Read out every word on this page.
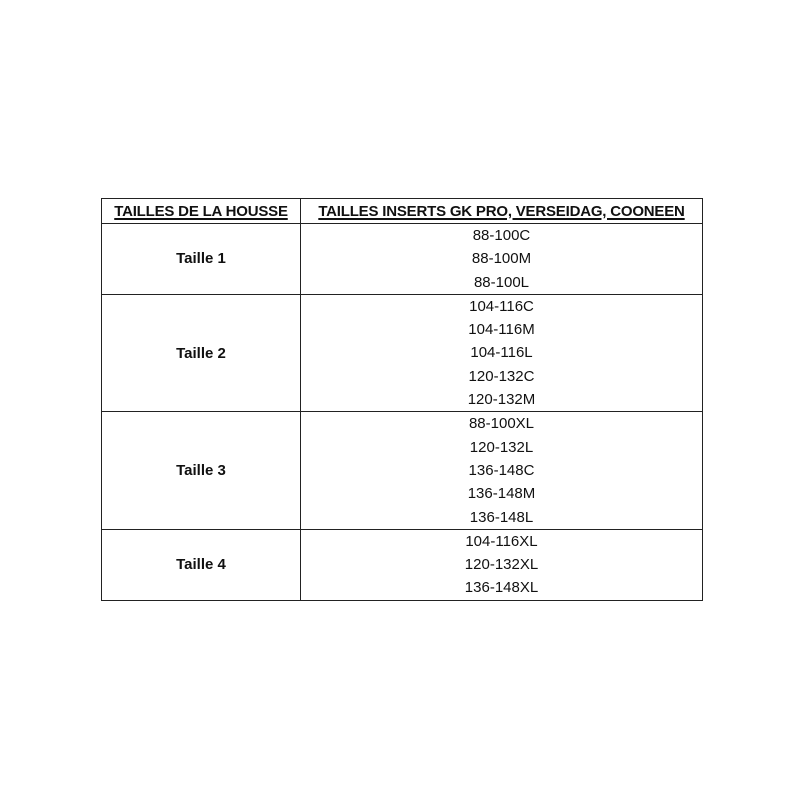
TAILLES DE LA HOUSSE	TAILLES INSERTS GK PRO, VERSEIDAG, COONEEN
Taille 1	88-100C
88-100M
88-100L

Taille 2	104-116C
104-116M
104-116L
120-132C
120-132M

Taille 3	88-100XL
120-132L
136-148C
136-148M
136-148L

Taille 4	104-116XL
120-132XL
136-148XL
